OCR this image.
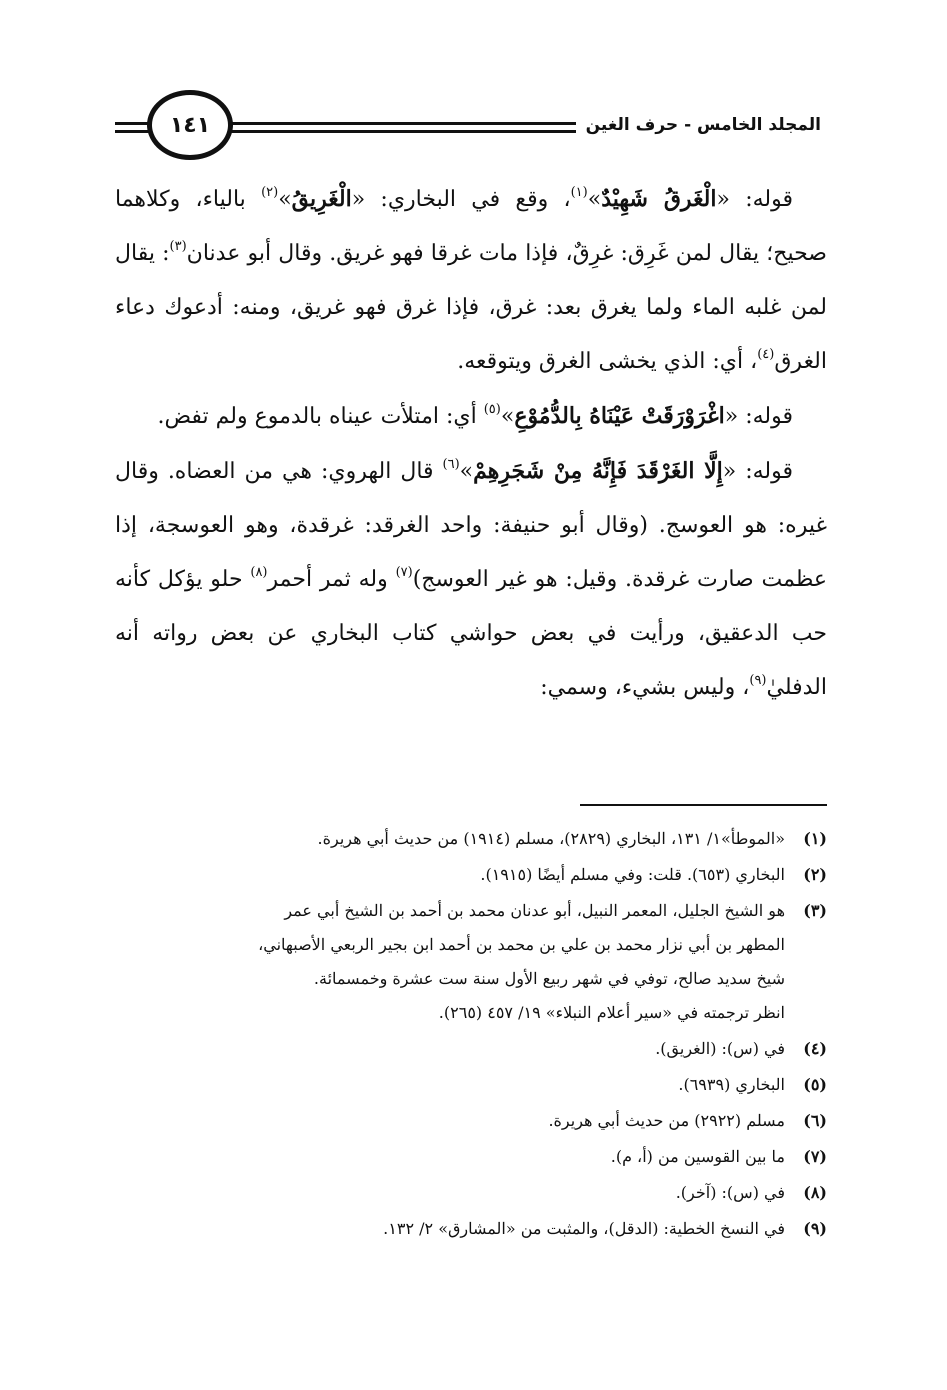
المجلد الخامس - حرف الغين
١٤١

قوله: «الْغَرقُ شَهِيْدٌ»$^{(١)}$، وقع في البخاري: «الْغَرِيقُ»$^{(٢)}$ بالياء، وكلاهما صحيح؛ يقال لمن غَرِق: غرِقٌ، فإذا مات غرقا فهو غريق. وقال أبو عدنان$^{(٣)}$: يقال لمن غلبه الماء ولما يغرق بعد: غرق، فإذا غرق فهو غريق، ومنه: أدعوك دعاء الغرق$^{(٤)}$، أي: الذي يخشى الغرق ويتوقعه.

قوله: «اغْرَوْرَقَتْ عَيْنَاهُ بِالدُّمُوْعِ»$^{(٥)}$ أي: امتلأت عيناه بالدموع ولم تفض.

قوله: «إِلَّا الغَرْقَدَ فَإِنَّهُ مِنْ شَجَرِهِمْ»$^{(٦)}$ قال الهروي: هي من العضاه. وقال غيره: هو العوسج. (وقال أبو حنيفة: واحد الغرقد: غرقدة، وهو العوسجة، إذا عظمت صارت غرقدة. وقيل: هو غير العوسج)$^{(٧)}$ وله ثمر أحمر$^{(٨)}$ حلو يؤكل كأنه حب الدعقيق، ورأيت في بعض حواشي كتاب البخاري عن بعض رواته أنه الدفليٰ$^{(٩)}$، وليس بشيء، وسمي:

(١)
«الموطأ»١/ ١٣١، البخاري (٢٨٢٩)، مسلم (١٩١٤) من حديث أبي هريرة.
(٢)
البخاري (٦٥٣). قلت: وفي مسلم أيضًا (١٩١٥).
(٣)
هو الشيخ الجليل، المعمر النبيل، أبو عدنان محمد بن أحمد بن الشيخ أبي عمر
المطهر بن أبي نزار محمد بن علي بن محمد بن أحمد ابن بجير الربعي الأصبهاني،
شيخ سديد صالح، توفي في شهر ربيع الأول سنة ست عشرة وخمسمائة.
انظر ترجمته في «سير أعلام النبلاء» ١٩/ ٤٥٧ (٢٦٥).
(٤)
في (س): (الغريق).
(٥)
البخاري (٦٩٣٩).
(٦)
مسلم (٢٩٢٢) من حديث أبي هريرة.
(٧)
ما بين القوسين من (أ، م).
(٨)
في (س): (آخر).
(٩)
في النسخ الخطية: (الدقل)، والمثبت من «المشارق» ٢/ ١٣٢.
